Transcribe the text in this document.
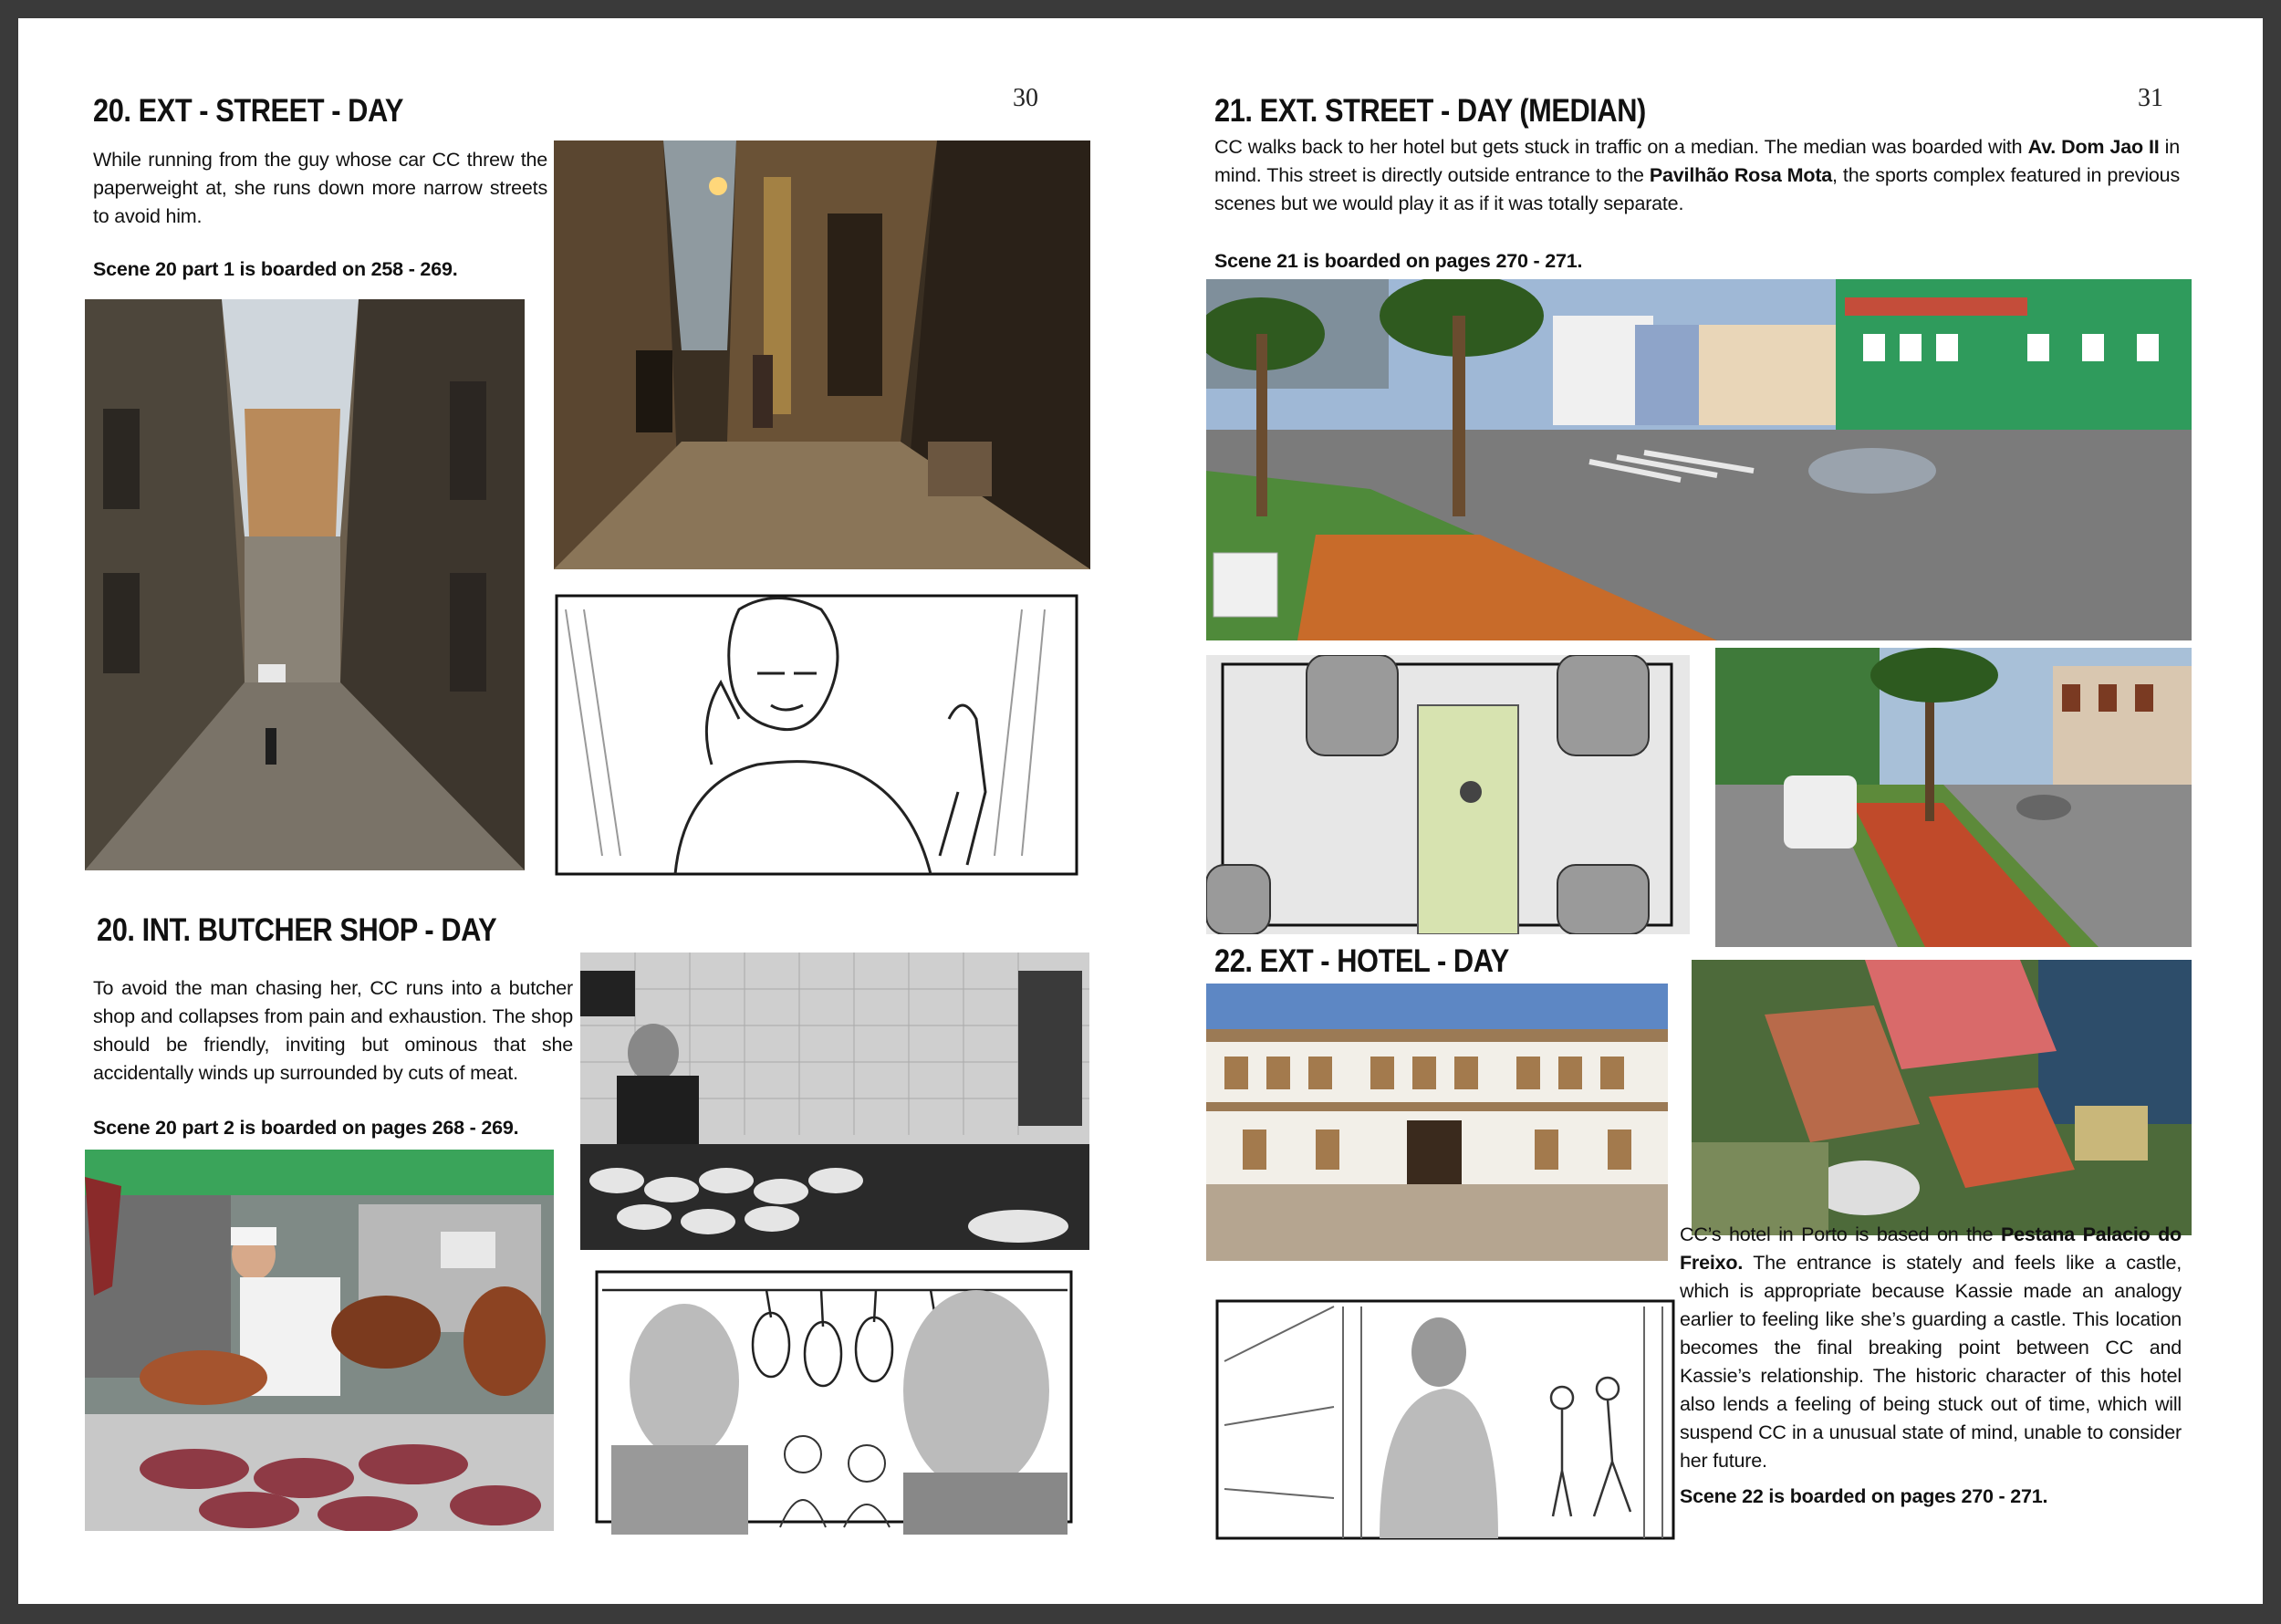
30
20. EXT - STREET - DAY
While running from the guy whose car CC threw the paperweight at, she runs down more narrow streets to avoid him.
Scene 20 part 1 is boarded on 258 - 269.
20. INT. BUTCHER SHOP - DAY
To avoid the man chasing her, CC runs into a butcher shop and collapses from pain and exhaustion. The shop should be friendly, inviting but ominous that she accidentally winds up surrounded by cuts of meat.
Scene 20 part 2 is boarded on pages 268 - 269.
31
21. EXT. STREET - DAY (MEDIAN)
CC walks back to her hotel but gets stuck in traffic on a median. The median was boarded with Av. Dom Jao II in mind. This street is directly outside entrance to the Pavilhão Rosa Mota, the sports complex featured in previous scenes but we would play it as if it was totally separate.
Scene 21 is boarded on pages 270 - 271.
22. EXT - HOTEL - DAY
CC’s hotel in Porto is based on the Pestana Palacio do Freixo. The entrance is stately and feels like a castle, which is appropriate because Kassie made an analogy earlier to feeling like she’s guarding a castle. This location becomes the final breaking point between CC and Kassie’s relationship. The historic character of this hotel also lends a feeling of being stuck out of time, which will suspend CC in a unusual state of mind, unable to consider her future.
Scene 22 is boarded on pages 270 - 271.
